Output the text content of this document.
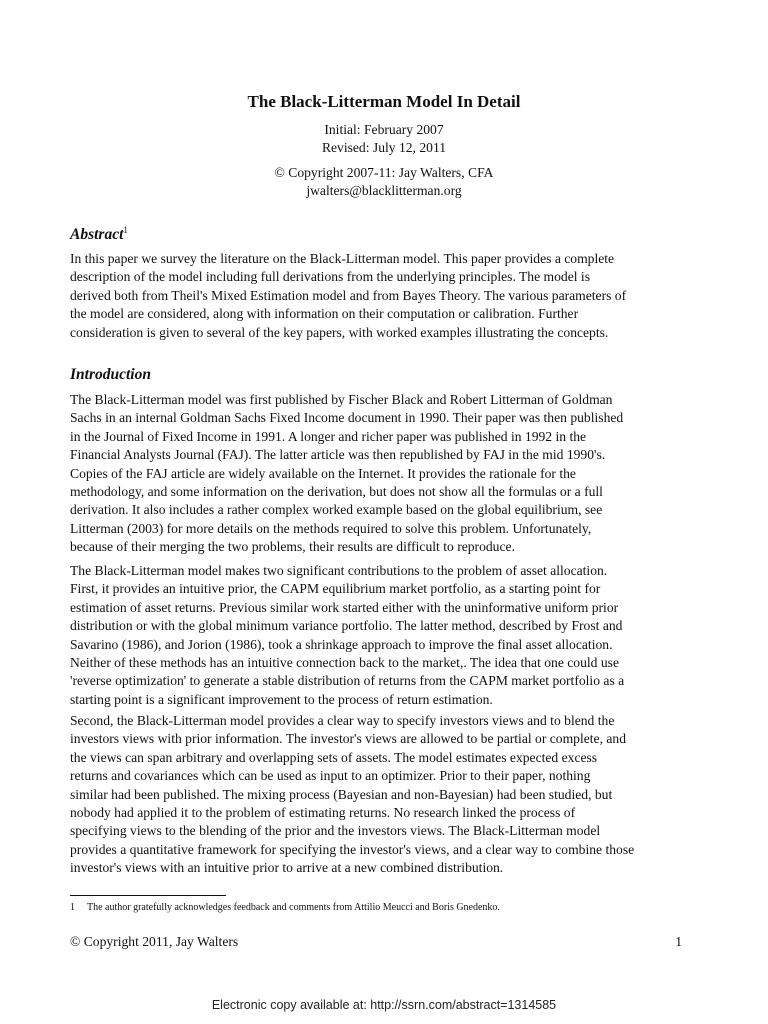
The Black-Litterman Model In Detail

Initial: February 2007

Revised: July 12, 2011

© Copyright 2007-11: Jay Walters, CFA

jwalters@blacklitterman.org

Abstract$^1$
In this paper we survey the literature on the Black-Litterman model. This paper provides a complete
description of the model including full derivations from the underlying principles. The model is
derived both from Theil's Mixed Estimation model and from Bayes Theory. The various parameters of
the model are considered, along with information on their computation or calibration. Further
consideration is given to several of the key papers, with worked examples illustrating the concepts.
Introduction
The Black-Litterman model was first published by Fischer Black and Robert Litterman of Goldman
Sachs in an internal Goldman Sachs Fixed Income document in 1990. Their paper was then published
in the Journal of Fixed Income in 1991. A longer and richer paper was published in 1992 in the
Financial Analysts Journal (FAJ). The latter article was then republished by FAJ in the mid 1990's.
Copies of the FAJ article are widely available on the Internet. It provides the rationale for the
methodology, and some information on the derivation, but does not show all the formulas or a full
derivation. It also includes a rather complex worked example based on the global equilibrium, see
Litterman (2003) for more details on the methods required to solve this problem. Unfortunately,
because of their merging the two problems, their results are difficult to reproduce.
The Black-Litterman model makes two significant contributions to the problem of asset allocation.
First, it provides an intuitive prior, the CAPM equilibrium market portfolio, as a starting point for
estimation of asset returns. Previous similar work started either with the uninformative uniform prior
distribution or with the global minimum variance portfolio. The latter method, described by Frost and
Savarino (1986), and Jorion (1986), took a shrinkage approach to improve the final asset allocation.
Neither of these methods has an intuitive connection back to the market,. The idea that one could use
'reverse optimization' to generate a stable distribution of returns from the CAPM market portfolio as a
starting point is a significant improvement to the process of return estimation.
Second, the Black-Litterman model provides a clear way to specify investors views and to blend the
investors views with prior information. The investor's views are allowed to be partial or complete, and
the views can span arbitrary and overlapping sets of assets. The model estimates expected excess
returns and covariances which can be used as input to an optimizer. Prior to their paper, nothing
similar had been published. The mixing process (Bayesian and non-Bayesian) had been studied, but
nobody had applied it to the problem of estimating returns. No research linked the process of
specifying views to the blending of the prior and the investors views. The Black-Litterman model
provides a quantitative framework for specifying the investor's views, and a clear way to combine those
investor's views with an intuitive prior to arrive at a new combined distribution.

1 The author gratefully acknowledges feedback and comments from Attilio Meucci and Boris Gnedenko.

© Copyright 2011, Jay Walters	1

Electronic copy available at: http://ssrn.com/abstract=1314585
